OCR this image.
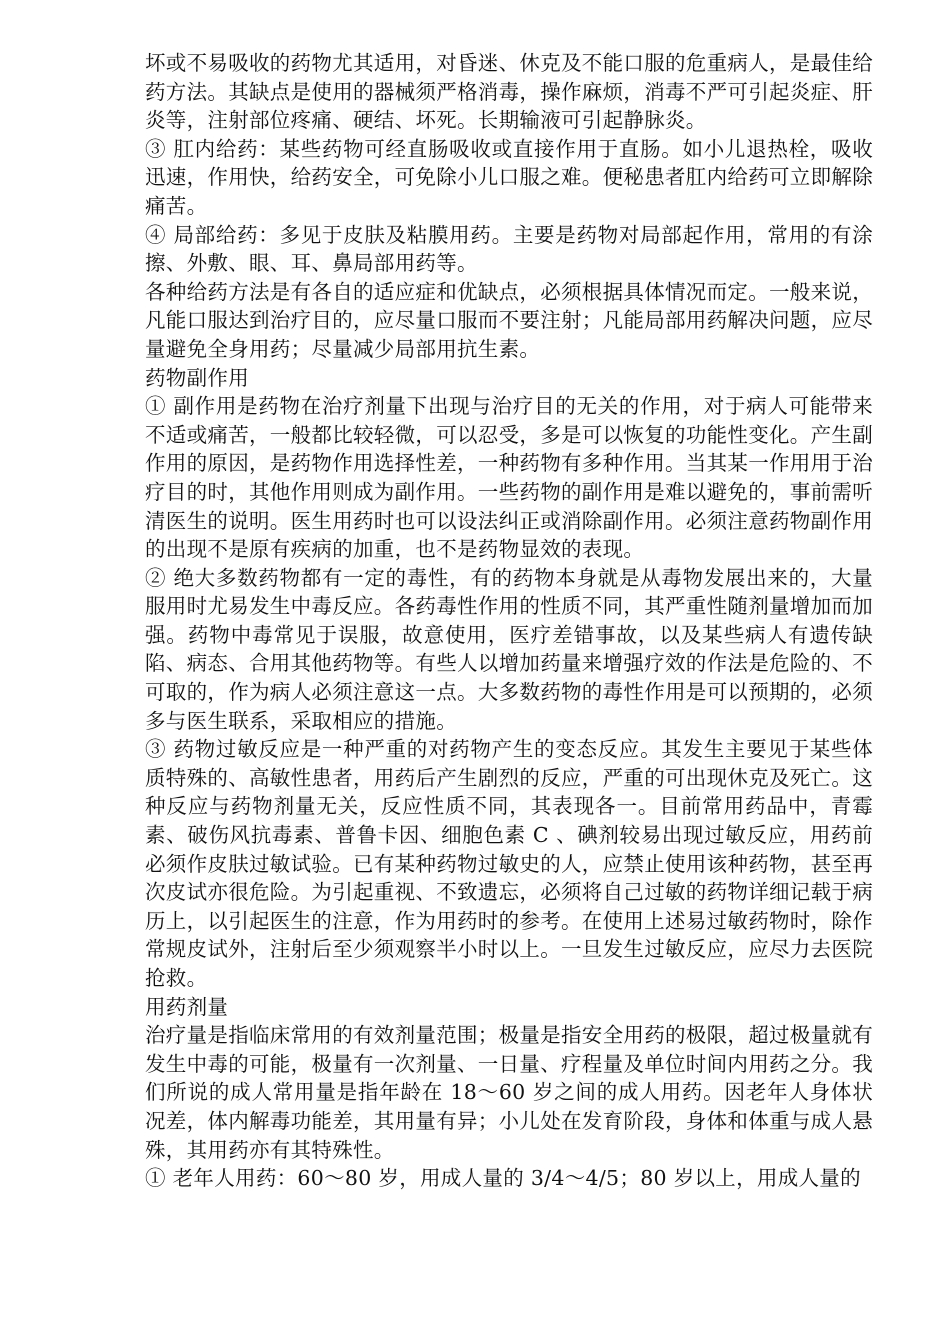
坏或不易吸收的药物尤其适用，对昏迷、休克及不能口服的危重病人，是最佳给药方法。其缺点是使用的器械须严格消毒，操作麻烦，消毒不严可引起炎症、肝炎等，注射部位疼痛、硬结、坏死。长期输液可引起静脉炎。

③ 肛内给药：某些药物可经直肠吸收或直接作用于直肠。如小儿退热栓，吸收迅速，作用快，给药安全，可免除小儿口服之难。便秘患者肛内给药可立即解除痛苦。

④ 局部给药：多见于皮肤及粘膜用药。主要是药物对局部起作用，常用的有涂擦、外敷、眼、耳、鼻局部用药等。

各种给药方法是有各自的适应症和优缺点，必须根据具体情况而定。一般来说，凡能口服达到治疗目的，应尽量口服而不要注射；凡能局部用药解决问题，应尽量避免全身用药；尽量减少局部用抗生素。

药物副作用

① 副作用是药物在治疗剂量下出现与治疗目的无关的作用，对于病人可能带来不适或痛苦，一般都比较轻微，可以忍受，多是可以恢复的功能性变化。产生副作用的原因，是药物作用选择性差，一种药物有多种作用。当其某一作用用于治疗目的时，其他作用则成为副作用。一些药物的副作用是难以避免的，事前需听清医生的说明。医生用药时也可以设法纠正或消除副作用。必须注意药物副作用的出现不是原有疾病的加重，也不是药物显效的表现。

② 绝大多数药物都有一定的毒性，有的药物本身就是从毒物发展出来的，大量服用时尤易发生中毒反应。各药毒性作用的性质不同，其严重性随剂量增加而加强。药物中毒常见于误服，故意使用，医疗差错事故，以及某些病人有遗传缺陷、病态、合用其他药物等。有些人以增加药量来增强疗效的作法是危险的、不可取的，作为病人必须注意这一点。大多数药物的毒性作用是可以预期的，必须多与医生联系，采取相应的措施。

③ 药物过敏反应是一种严重的对药物产生的变态反应。其发生主要见于某些体质特殊的、高敏性患者，用药后产生剧烈的反应，严重的可出现休克及死亡。这种反应与药物剂量无关，反应性质不同，其表现各一。目前常用药品中，青霉素、破伤风抗毒素、普鲁卡因、细胞色素 C 、碘剂较易出现过敏反应，用药前必须作皮肤过敏试验。已有某种药物过敏史的人，应禁止使用该种药物，甚至再次皮试亦很危险。为引起重视、不致遗忘，必须将自己过敏的药物详细记载于病历上，以引起医生的注意，作为用药时的参考。在使用上述易过敏药物时，除作常规皮试外，注射后至少须观察半小时以上。一旦发生过敏反应，应尽力去医院抢救。

用药剂量

治疗量是指临床常用的有效剂量范围；极量是指安全用药的极限，超过极量就有发生中毒的可能，极量有一次剂量、一日量、疗程量及单位时间内用药之分。我们所说的成人常用量是指年龄在 18～60 岁之间的成人用药。因老年人身体状况差，体内解毒功能差，其用量有异；小儿处在发育阶段，身体和体重与成人悬殊，其用药亦有其特殊性。

① 老年人用药：60～80 岁，用成人量的 3/4～4/5；80 岁以上，用成人量的
